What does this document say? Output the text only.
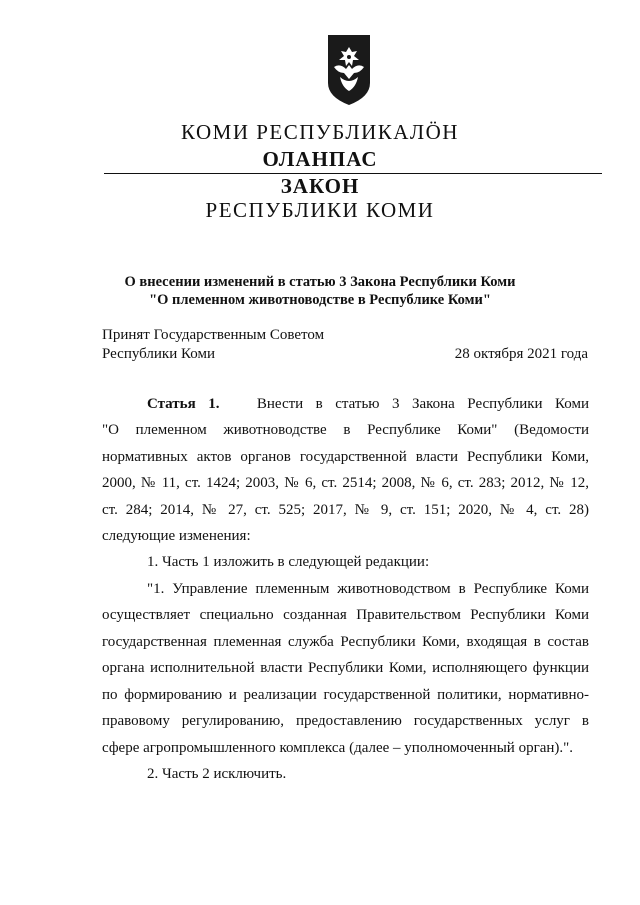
КОМИ РЕСПУБЛИКАЛÖН
ОЛАНПАС
ЗАКОН
РЕСПУБЛИКИ КОМИ
О внесении изменений в статью 3 Закона Республики Коми
"О племенном животноводстве в Республике Коми"
Принят Государственным Советом
Республики Коми	28 октября 2021 года
Статья 1. Внести в статью 3 Закона Республики Коми
"О племенном животноводстве в Республике Коми" (Ведомости
нормативных актов органов государственной власти Республики Коми,
2000, № 11, ст. 1424; 2003, № 6, ст. 2514; 2008, № 6, ст. 283; 2012, № 12,
ст. 284; 2014, № 27, ст. 525; 2017, № 9, ст. 151; 2020, № 4, ст. 28)
следующие изменения:
1. Часть 1 изложить в следующей редакции:
"1. Управление племенным животноводством в Республике Коми
осуществляет специально созданная Правительством Республики Коми
государственная племенная служба Республики Коми, входящая в состав
органа исполнительной власти Республики Коми, исполняющего функции
по формированию и реализации государственной политики, нормативно-
правовому регулированию, предоставлению государственных услуг в
сфере агропромышленного комплекса (далее – уполномоченный орган).".
2. Часть 2 исключить.
